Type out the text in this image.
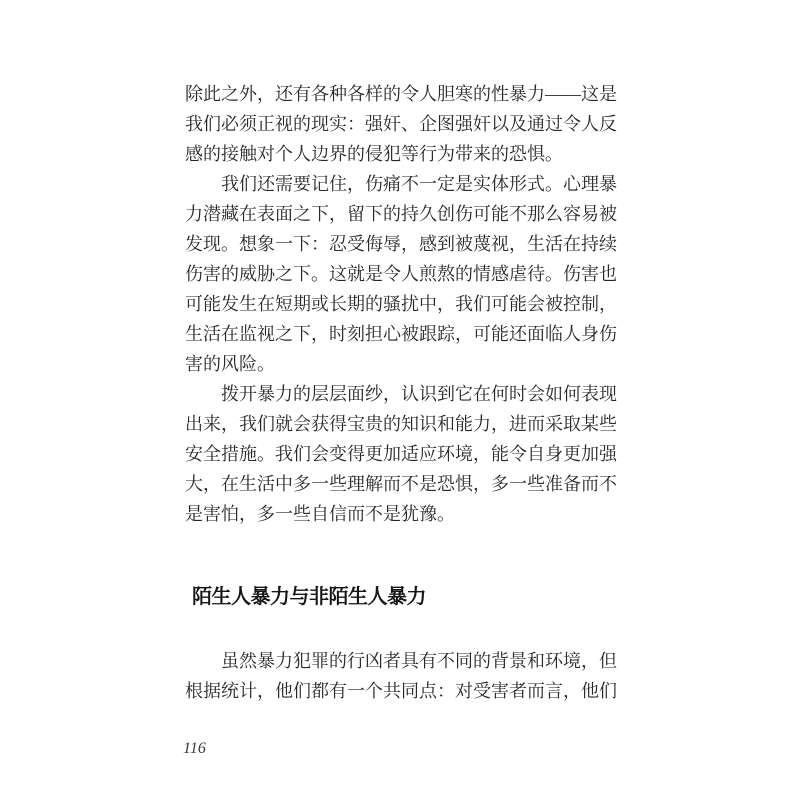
除此之外，还有各种各样的令人胆寒的性暴力——这是我们必须正视的现实：强奸、企图强奸以及通过令人反感的接触对个人边界的侵犯等行为带来的恐惧。

我们还需要记住，伤痛不一定是实体形式。心理暴力潜藏在表面之下，留下的持久创伤可能不那么容易被发现。想象一下：忍受侮辱，感到被蔑视，生活在持续伤害的威胁之下。这就是令人煎熬的情感虐待。伤害也可能发生在短期或长期的骚扰中，我们可能会被控制，生活在监视之下，时刻担心被跟踪，可能还面临人身伤害的风险。

拨开暴力的层层面纱，认识到它在何时会如何表现出来，我们就会获得宝贵的知识和能力，进而采取某些安全措施。我们会变得更加适应环境，能令自身更加强大，在生活中多一些理解而不是恐惧，多一些准备而不是害怕，多一些自信而不是犹豫。

陌生人暴力与非陌生人暴力

虽然暴力犯罪的行凶者具有不同的背景和环境，但根据统计，他们都有一个共同点：对受害者而言，他们

116
